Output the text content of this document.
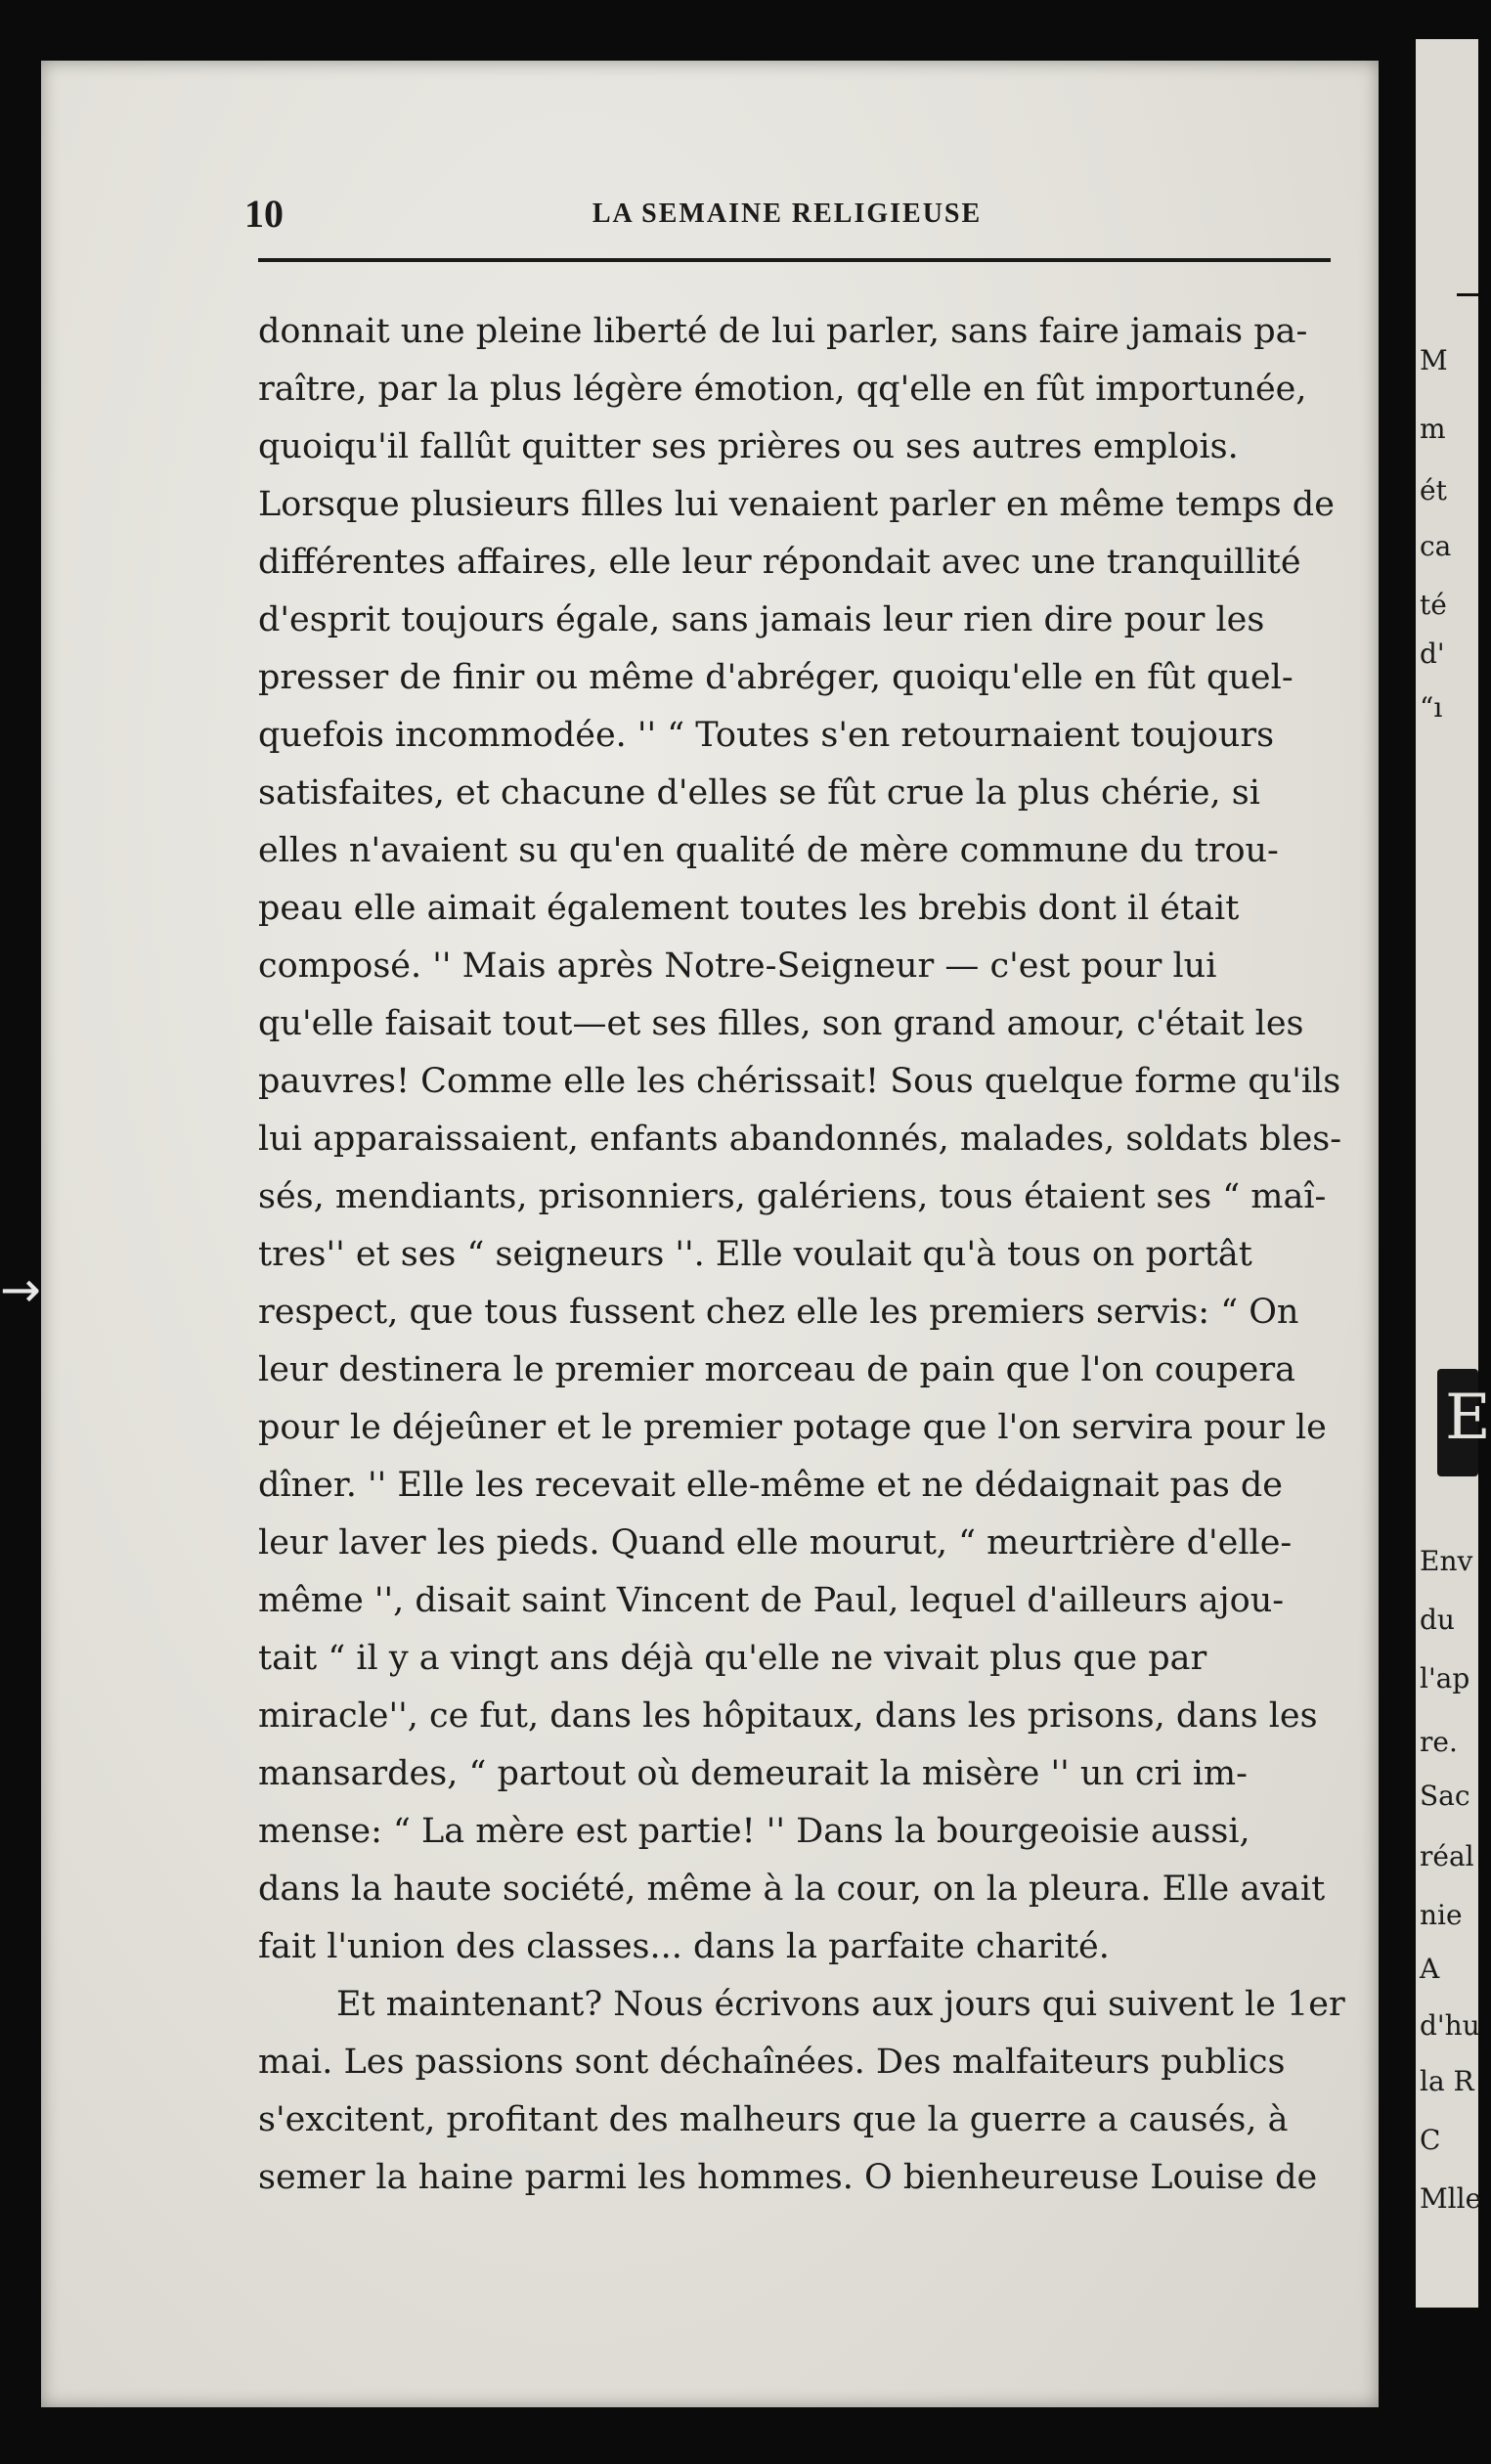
M
m
ét
ca
té
d'
“ı
E
Env
du
l'ap
re.
Sac
réal
nie
A
d'hu
la R
C
Mlle
10	LA SEMAINE RELIGIEUSE
→
donnait une pleine liberté de lui parler, sans faire jamais pa-
raître, par la plus légère émotion, qq'elle en fût importunée,
quoiqu'il fallût quitter ses prières ou ses autres emplois.
Lorsque plusieurs filles lui venaient parler en même temps de
différentes affaires, elle leur répondait avec une tranquillité
d'esprit toujours égale, sans jamais leur rien dire pour les
presser de finir ou même d'abréger, quoiqu'elle en fût quel-
quefois incommodée. '' “ Toutes s'en retournaient toujours
satisfaites, et chacune d'elles se fût crue la plus chérie, si
elles n'avaient su qu'en qualité de mère commune du trou-
peau elle aimait également toutes les brebis dont il était
composé. '' Mais après Notre-Seigneur — c'est pour lui
qu'elle faisait tout—et ses filles, son grand amour, c'était les
pauvres! Comme elle les chérissait! Sous quelque forme qu'ils
lui apparaissaient, enfants abandonnés, malades, soldats bles-
sés, mendiants, prisonniers, galériens, tous étaient ses “ maî-
tres'' et ses “ seigneurs ''. Elle voulait qu'à tous on portât
respect, que tous fussent chez elle les premiers servis: “ On
leur destinera le premier morceau de pain que l'on coupera
pour le déjeûner et le premier potage que l'on servira pour le
dîner. '' Elle les recevait elle-même et ne dédaignait pas de
leur laver les pieds. Quand elle mourut, “ meurtrière d'elle-
même '', disait saint Vincent de Paul, lequel d'ailleurs ajou-
tait “ il y a vingt ans déjà qu'elle ne vivait plus que par
miracle'', ce fut, dans les hôpitaux, dans les prisons, dans les
mansardes, “ partout où demeurait la misère '' un cri im-
mense: “ La mère est partie! '' Dans la bourgeoisie aussi,
dans la haute société, même à la cour, on la pleura. Elle avait
fait l'union des classes... dans la parfaite charité.
Et maintenant? Nous écrivons aux jours qui suivent le 1er
mai. Les passions sont déchaînées. Des malfaiteurs publics
s'excitent, profitant des malheurs que la guerre a causés, à
semer la haine parmi les hommes. O bienheureuse Louise de
